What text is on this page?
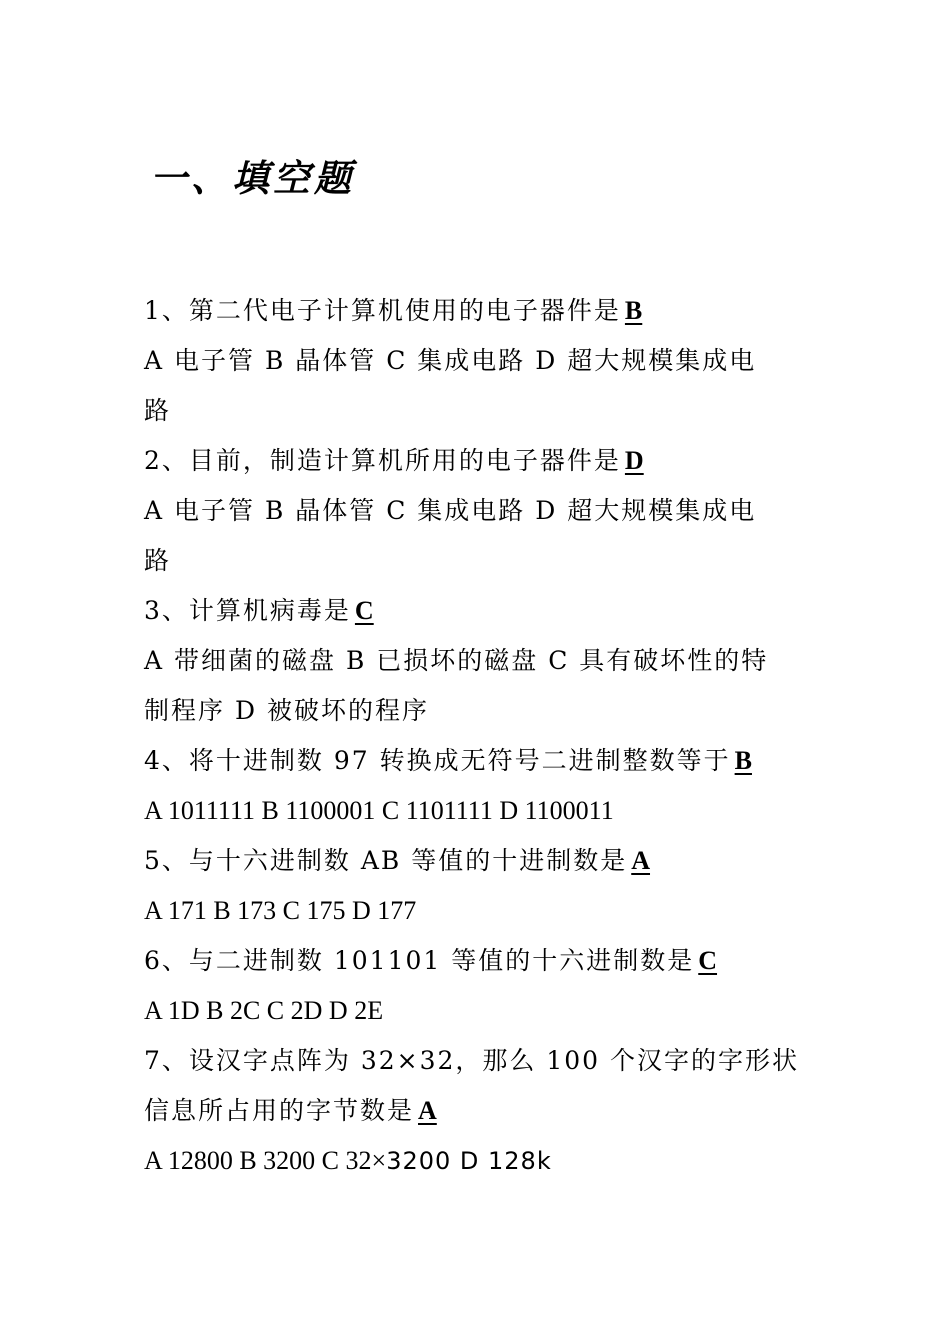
一、填空题
1、第二代电子计算机使用的电子器件是 B
A 电子管 B 晶体管 C 集成电路 D 超大规模集成电
路
2、目前，制造计算机所用的电子器件是 D
A 电子管 B 晶体管 C 集成电路 D 超大规模集成电
路
3、计算机病毒是 C
A 带细菌的磁盘 B 已损坏的磁盘 C 具有破坏性的特
制程序 D 被破坏的程序
4、将十进制数 97 转换成无符号二进制整数等于 B
A 1011111 B 1100001 C 1101111 D 1100011
5、与十六进制数 AB 等值的十进制数是 A
A 171 B 173 C 175 D 177
6、与二进制数 101101 等值的十六进制数是 C
A 1D B 2C C 2D D 2E
7、设汉字点阵为 32×32，那么 100 个汉字的字形状
信息所占用的字节数是 A
A 12800 B 3200 C 32×3200 D 128k
